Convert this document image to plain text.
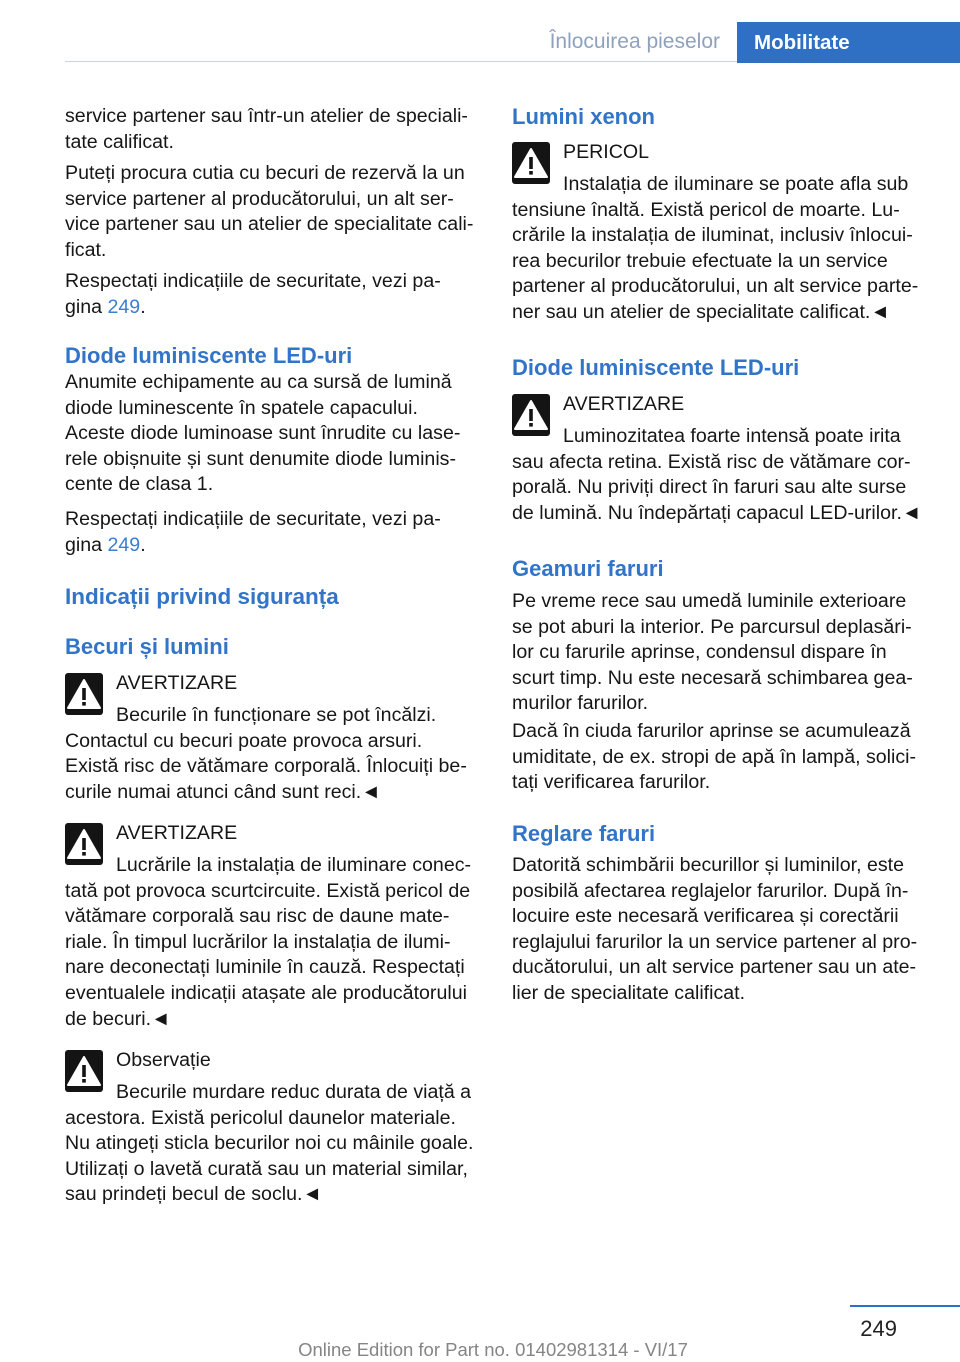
Înlocuirea pieselor	Mobilitate
service partener sau într-un atelier de speciali-
tate calificat.
Puteți procura cutia cu becuri de rezervă la un
service partener al producătorului, un alt ser-
vice partener sau un atelier de specialitate cali-
ficat.
Respectați indicațiile de securitate, vezi pa-
gina 249.
Diode luminiscente LED-uri
Anumite echipamente au ca sursă de lumină
diode luminescente în spatele capacului.
Aceste diode luminoase sunt înrudite cu lase-
rele obișnuite și sunt denumite diode luminis-
cente de clasa 1.
Respectați indicațiile de securitate, vezi pa-
gina 249.
Indicații privind siguranța
Becuri și lumini
AVERTIZARE
Becurile în funcționare se pot încălzi.
Contactul cu becuri poate provoca arsuri.
Există risc de vătămare corporală. Înlocuiți be-
curile numai atunci când sunt reci.◄
AVERTIZARE
Lucrările la instalația de iluminare conec-
tată pot provoca scurtcircuite. Există pericol de
vătămare corporală sau risc de daune mate-
riale. În timpul lucrărilor la instalația de ilumi-
nare deconectați luminile în cauză. Respectați
eventualele indicații atașate ale producătorului
de becuri.◄
Observație
Becurile murdare reduc durata de viață a
acestora. Există pericolul daunelor materiale.
Nu atingeți sticla becurilor noi cu mâinile goale.
Utilizați o lavetă curată sau un material similar,
sau prindeți becul de soclu.◄
Lumini xenon
PERICOL
Instalația de iluminare se poate afla sub
tensiune înaltă. Există pericol de moarte. Lu-
crările la instalația de iluminat, inclusiv înlocui-
rea becurilor trebuie efectuate la un service
partener al producătorului, un alt service parte-
ner sau un atelier de specialitate calificat.◄
Diode luminiscente LED-uri
AVERTIZARE
Luminozitatea foarte intensă poate irita
sau afecta retina. Există risc de vătămare cor-
porală. Nu priviți direct în faruri sau alte surse
de lumină. Nu îndepărtați capacul LED-urilor.◄
Geamuri faruri
Pe vreme rece sau umedă luminile exterioare
se pot aburi la interior. Pe parcursul deplasări-
lor cu farurile aprinse, condensul dispare în
scurt timp. Nu este necesară schimbarea gea-
murilor farurilor.
Dacă în ciuda farurilor aprinse se acumulează
umiditate, de ex. stropi de apă în lampă, solici-
tați verificarea farurilor.
Reglare faruri
Datorită schimbării becurillor și luminilor, este
posibilă afectarea reglajelor farurilor. După în-
locuire este necesară verificarea și corectării
reglajului farurilor la un service partener al pro-
ducătorului, un alt service partener sau un ate-
lier de specialitate calificat.
249
Online Edition for Part no. 01402981314 - VI/17
